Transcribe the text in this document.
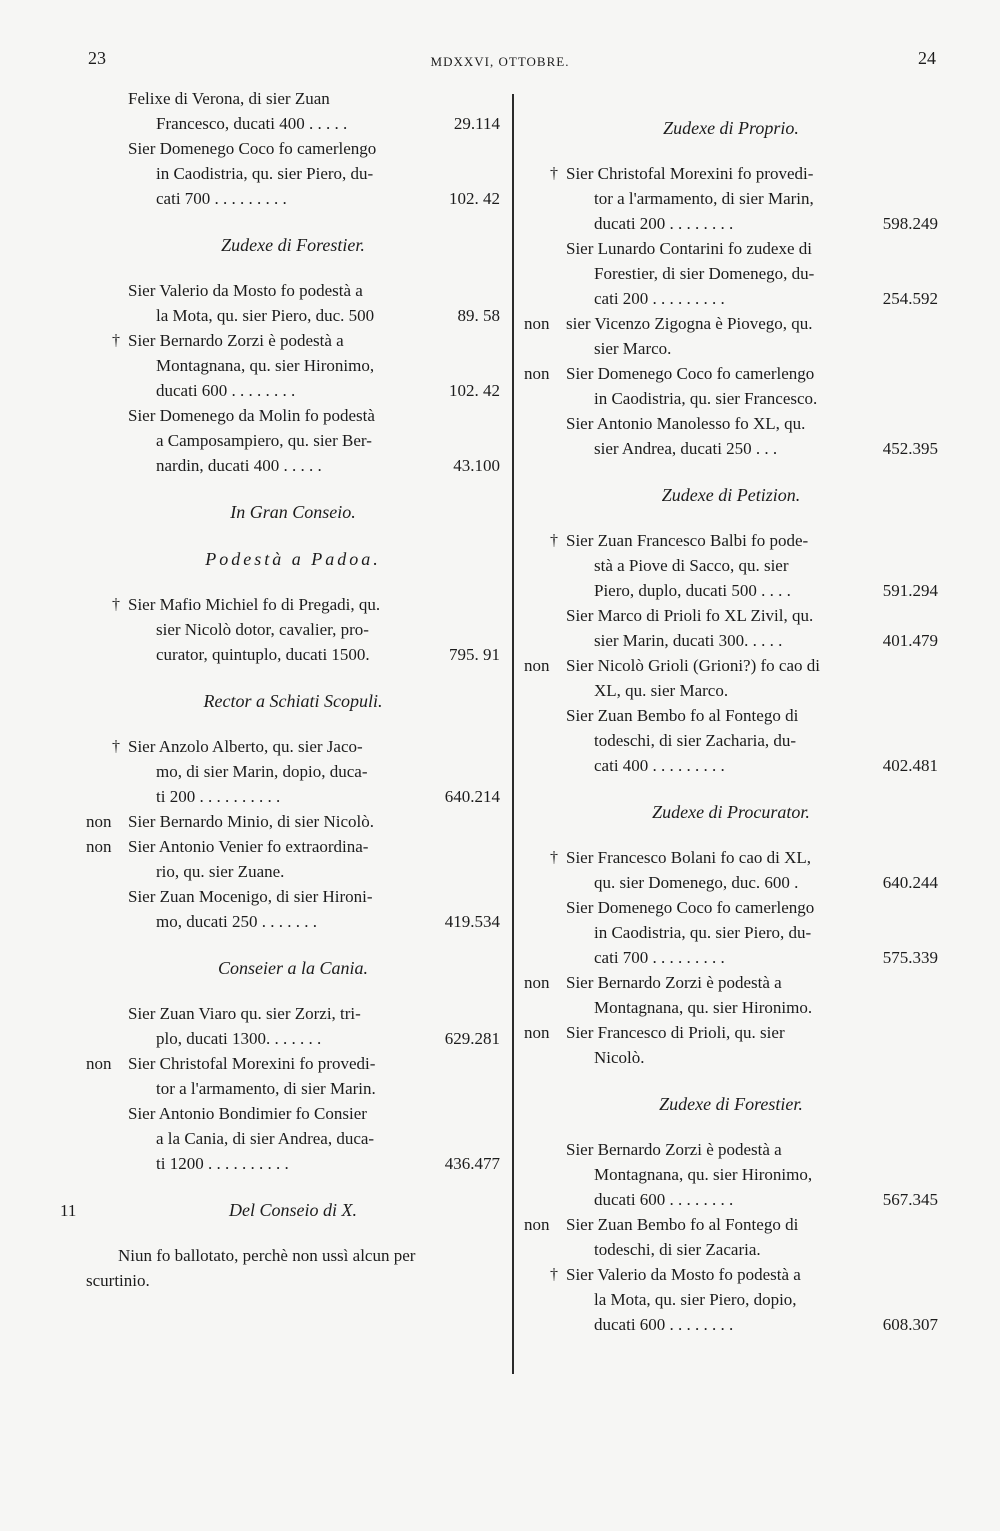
23	MDXXVI, OTTOBRE.	24
Felixe di Verona, di sier Zuan
Francesco, ducati 400 . . . . .	29.114
Sier Domenego Coco fo camerlengo
in Caodistria, qu. sier Piero, du-
cati 700 . . . . . . . . .	102. 42
Zudexe di Forestier.
Sier Valerio da Mosto fo podestà a
la Mota, qu. sier Piero, duc. 500	89. 58
† Sier Bernardo Zorzi è podestà a
Montagnana, qu. sier Hironimo,
ducati 600 . . . . . . . .	102. 42
Sier Domenego da Molin fo podestà
a Camposampiero, qu. sier Ber-
nardin, ducati 400 . . . . .	43.100
In Gran Conseio.
Podestà a Padoa.
† Sier Mafio Michiel fo di Pregadi, qu.
sier Nicolò dotor, cavalier, pro-
curator, quintuplo, ducati 1500.	795. 91
Rector a Schiati Scopuli.
† Sier Anzolo Alberto, qu. sier Jaco-
mo, di sier Marin, dopio, duca-
ti 200 . . . . . . . . . .	640.214
non Sier Bernardo Minio, di sier Nicolò.
non Sier Antonio Venier fo extraordina-
rio, qu. sier Zuane.
Sier Zuan Mocenigo, di sier Hironi-
mo, ducati 250 . . . . . . .	419.534
Conseier a la Cania.
Sier Zuan Viaro qu. sier Zorzi, tri-
plo, ducati 1300. . . . . . .	629.281
non Sier Christofal Morexini fo provedi-
tor a l'armamento, di sier Marin.
Sier Antonio Bondimier fo Consier
a la Cania, di sier Andrea, duca-
ti 1200 . . . . . . . . . .	436.477
11	Del Conseio di X.
Niun fo ballotato, perchè non ussì alcun per
scurtinio.
Zudexe di Proprio.
† Sier Christofal Morexini fo provedi-
tor a l'armamento, di sier Marin,
ducati 200 . . . . . . . .	598.249
Sier Lunardo Contarini fo zudexe di
Forestier, di sier Domenego, du-
cati 200 . . . . . . . . .	254.592
non sier Vicenzo Zigogna è Piovego, qu.
sier Marco.
non Sier Domenego Coco fo camerlengo
in Caodistria, qu. sier Francesco.
Sier Antonio Manolesso fo XL, qu.
sier Andrea, ducati 250 . . .	452.395
Zudexe di Petizion.
† Sier Zuan Francesco Balbi fo pode-
stà a Piove di Sacco, qu. sier
Piero, duplo, ducati 500 . . . .	591.294
Sier Marco di Prioli fo XL Zivil, qu.
sier Marin, ducati 300. . . . .	401.479
non Sier Nicolò Grioli (Grioni?) fo cao di
XL, qu. sier Marco.
Sier Zuan Bembo fo al Fontego di
todeschi, di sier Zacharia, du-
cati 400 . . . . . . . . .	402.481
Zudexe di Procurator.
† Sier Francesco Bolani fo cao di XL,
qu. sier Domenego, duc. 600 .	640.244
Sier Domenego Coco fo camerlengo
in Caodistria, qu. sier Piero, du-
cati 700 . . . . . . . . .	575.339
non Sier Bernardo Zorzi è podestà a
Montagnana, qu. sier Hironimo.
non Sier Francesco di Prioli, qu. sier
Nicolò.
Zudexe di Forestier.
Sier Bernardo Zorzi è podestà a
Montagnana, qu. sier Hironimo,
ducati 600 . . . . . . . .	567.345
non Sier Zuan Bembo fo al Fontego di
todeschi, di sier Zacaria.
† Sier Valerio da Mosto fo podestà a
la Mota, qu. sier Piero, dopio,
ducati 600 . . . . . . . .	608.307
